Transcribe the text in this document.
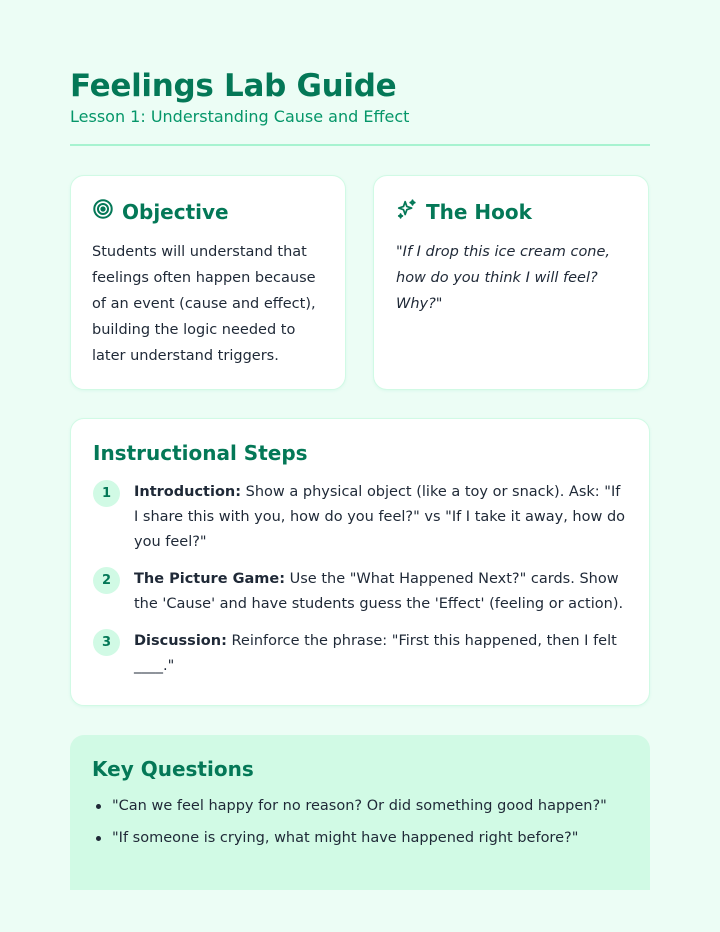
Feelings Lab Guide
Lesson 1: Understanding Cause and Effect
Objective

Students will understand that feelings often happen because of an event (cause and effect), building the logic needed to later understand triggers.

The Hook

"If I drop this ice cream cone, how do you think I will feel? Why?"

Instructional Steps
1	Introduction: Show a physical object (like a toy or snack). Ask: "If I share this with you, how do you feel?" vs "If I take it away, how do you feel?"

2	The Picture Game: Use the "What Happened Next?" cards. Show the 'Cause' and have students guess the 'Effect' (feeling or action).

3	Discussion: Reinforce the phrase: "First this happened, then I felt ____."

Key Questions
"Can we feel happy for no reason? Or did something good happen?"
"If someone is crying, what might have happened right before?"
